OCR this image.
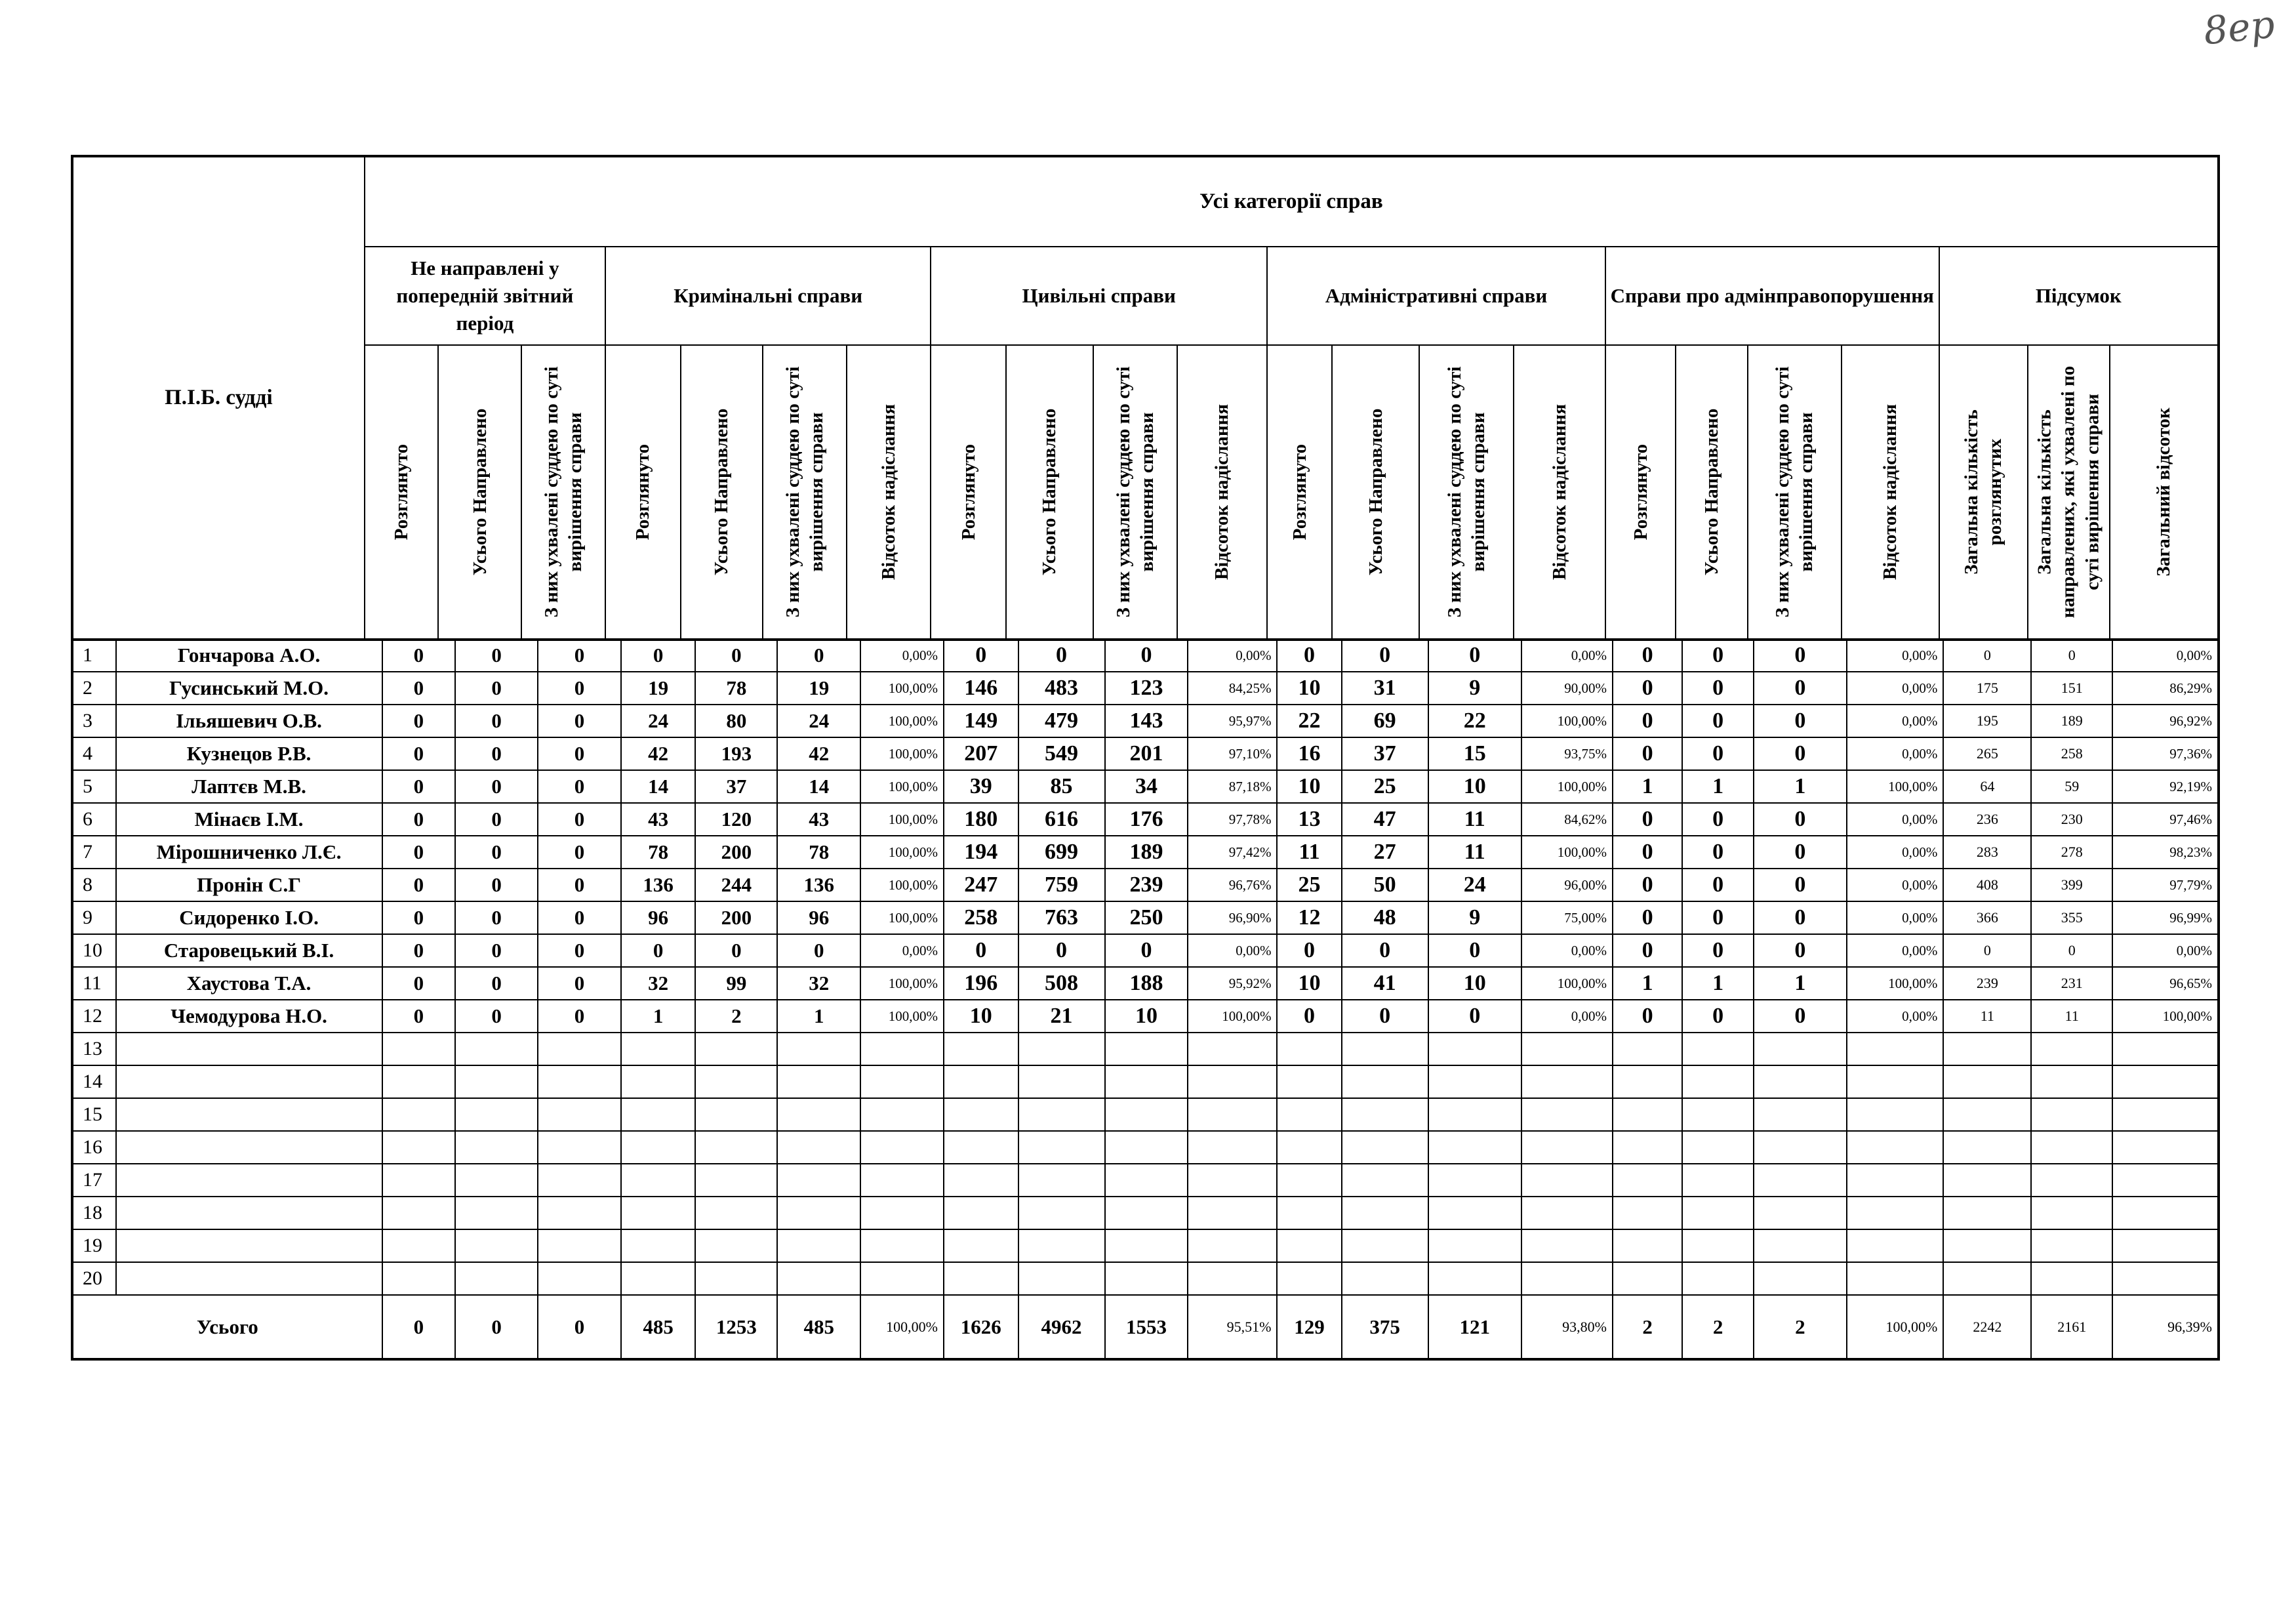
8ер
П.І.Б. судді	Усі категорії справ																					
	Не направлені у попередній звітний період			Кримінальні справи				Цивільні справи				Адміністративні справи				Справи про адмінправопорушення				Підсумок		

	Розглянуто	Усього Направлено	З них ухвалені суддею по суті вирішення справи	Розглянуто	Усього Направлено	З них ухвалені суддею по суті вирішення справи	Відсоток надіслання	Розглянуто	Усього Направлено	З них ухвалені суддею по суті вирішення справи	Відсоток надіслання	Розглянуто	Усього Направлено	З них ухвалені суддею по суті вирішення справи	Відсоток надіслання	Розглянуто	Усього Направлено	З них ухвалені суддею по суті вирішення справи	Відсоток надіслання	Загальна кількість розглянутих	Загальна кількість направлених, які ухвалені по суті вирішення справи	Загальний відсоток
1	Гончарова А.О.	0	0	0	0	0	0	0,00%	0	0	0	0,00%	0	0	0	0,00%	0	0	0	0,00%	0	0	0,00%
2	Гусинський М.О.	0	0	0	19	78	19	100,00%	146	483	123	84,25%	10	31	9	90,00%	0	0	0	0,00%	175	151	86,29%
3	Ільяшевич О.В.	0	0	0	24	80	24	100,00%	149	479	143	95,97%	22	69	22	100,00%	0	0	0	0,00%	195	189	96,92%
4	Кузнецов Р.В.	0	0	0	42	193	42	100,00%	207	549	201	97,10%	16	37	15	93,75%	0	0	0	0,00%	265	258	97,36%
5	Лаптєв М.В.	0	0	0	14	37	14	100,00%	39	85	34	87,18%	10	25	10	100,00%	1	1	1	100,00%	64	59	92,19%
6	Мінаєв І.М.	0	0	0	43	120	43	100,00%	180	616	176	97,78%	13	47	11	84,62%	0	0	0	0,00%	236	230	97,46%
7	Мірошниченко Л.Є.	0	0	0	78	200	78	100,00%	194	699	189	97,42%	11	27	11	100,00%	0	0	0	0,00%	283	278	98,23%
8	Пронін С.Г	0	0	0	136	244	136	100,00%	247	759	239	96,76%	25	50	24	96,00%	0	0	0	0,00%	408	399	97,79%
9	Сидоренко І.О.	0	0	0	96	200	96	100,00%	258	763	250	96,90%	12	48	9	75,00%	0	0	0	0,00%	366	355	96,99%
10	Старовецький В.І.	0	0	0	0	0	0	0,00%	0	0	0	0,00%	0	0	0	0,00%	0	0	0	0,00%	0	0	0,00%
11	Хаустова Т.А.	0	0	0	32	99	32	100,00%	196	508	188	95,92%	10	41	10	100,00%	1	1	1	100,00%	239	231	96,65%
12	Чемодурова Н.О.	0	0	0	1	2	1	100,00%	10	21	10	100,00%	0	0	0	0,00%	0	0	0	0,00%	11	11	100,00%
13																							
14																							
15																							
16																							
17																							
18																							
19																							
20																							
Усього		0	0	0	485	1253	485	100,00%	1626	4962	1553	95,51%	129	375	121	93,80%	2	2	2	100,00%	2242	2161	96,39%
